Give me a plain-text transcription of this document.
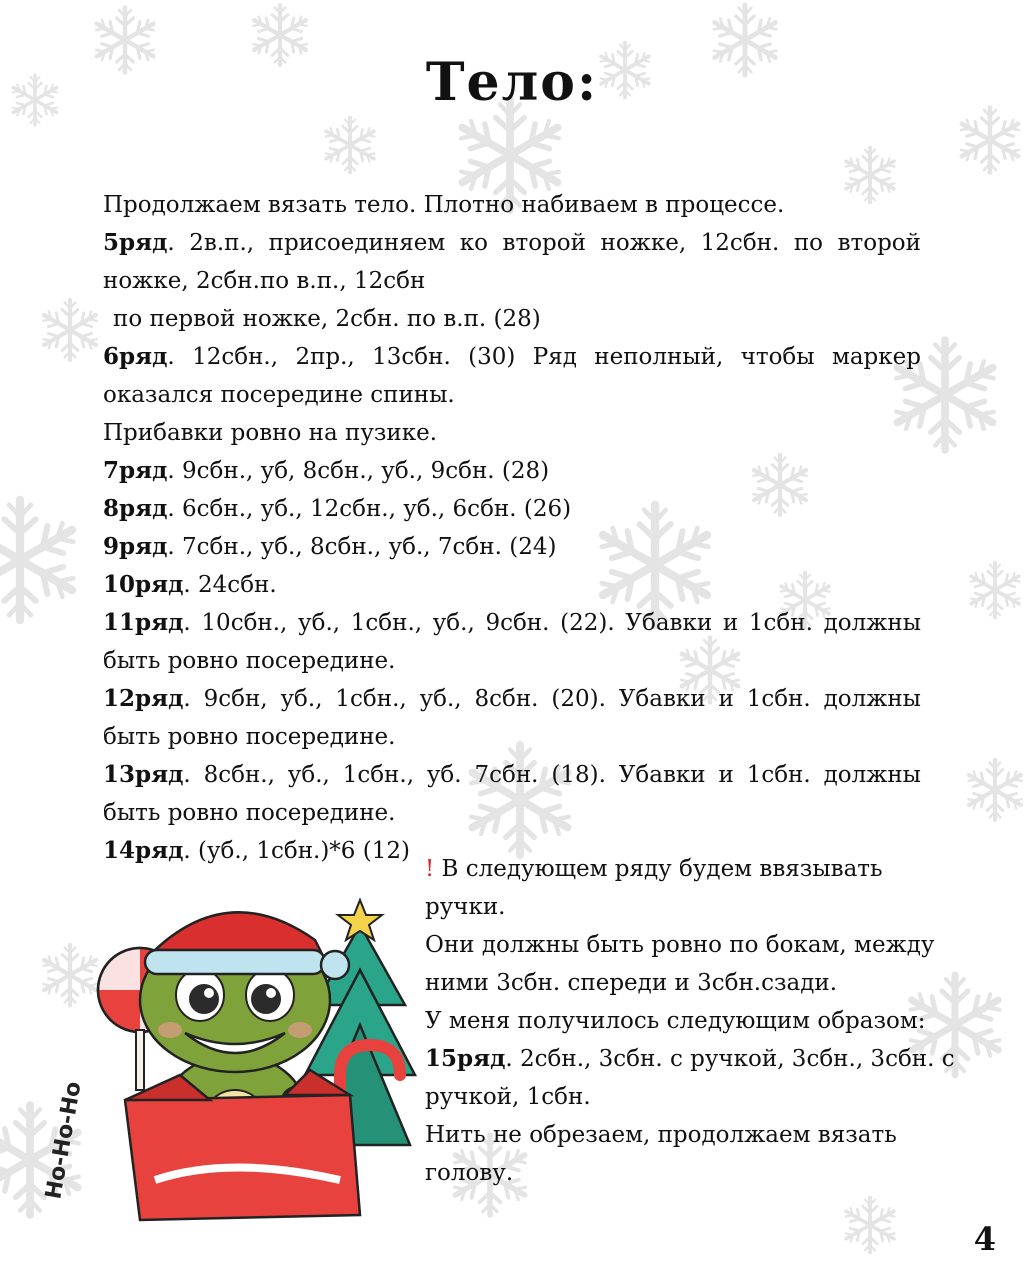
Тело:

Продолжаем вязать тело. Плотно набиваем в процессе.

5ряд. 2в.п., присоединяем ко второй ножке, 12сбн. по второй ножке, 2сбн.по в.п., 12сбн

по первой ножке, 2сбн. по в.п. (28)

6ряд. 12сбн., 2пр., 13сбн. (30) Ряд неполный, чтобы маркер оказался посередине спины.

Прибавки ровно на пузике.

7ряд. 9сбн., уб, 8сбн., уб., 9сбн. (28)

8ряд. 6сбн., уб., 12сбн., уб., 6сбн. (26)

9ряд. 7сбн., уб., 8сбн., уб., 7сбн. (24)

10ряд. 24сбн.

11ряд. 10сбн., уб., 1сбн., уб., 9сбн. (22). Убавки и 1сбн. должны быть ровно посередине.

12ряд. 9сбн, уб., 1сбн., уб., 8сбн. (20). Убавки и 1сбн. должны быть ровно посередине.

13ряд. 8сбн., уб., 1сбн., уб. 7сбн. (18). Убавки и 1сбн. должны быть ровно посередине.

14ряд. (уб., 1сбн.)*6 (12)

! В следующем ряду будем ввязывать ручки.

Они должны быть ровно по бокам, между ними 3сбн. спереди и 3сбн.сзади.

У меня получилось следующим образом:

15ряд. 2сбн., 3сбн. с ручкой, 3сбн., 3сбн. с ручкой, 1сбн.

Нить не обрезаем, продолжаем вязать голову.

Ho-Ho-Ho
4
